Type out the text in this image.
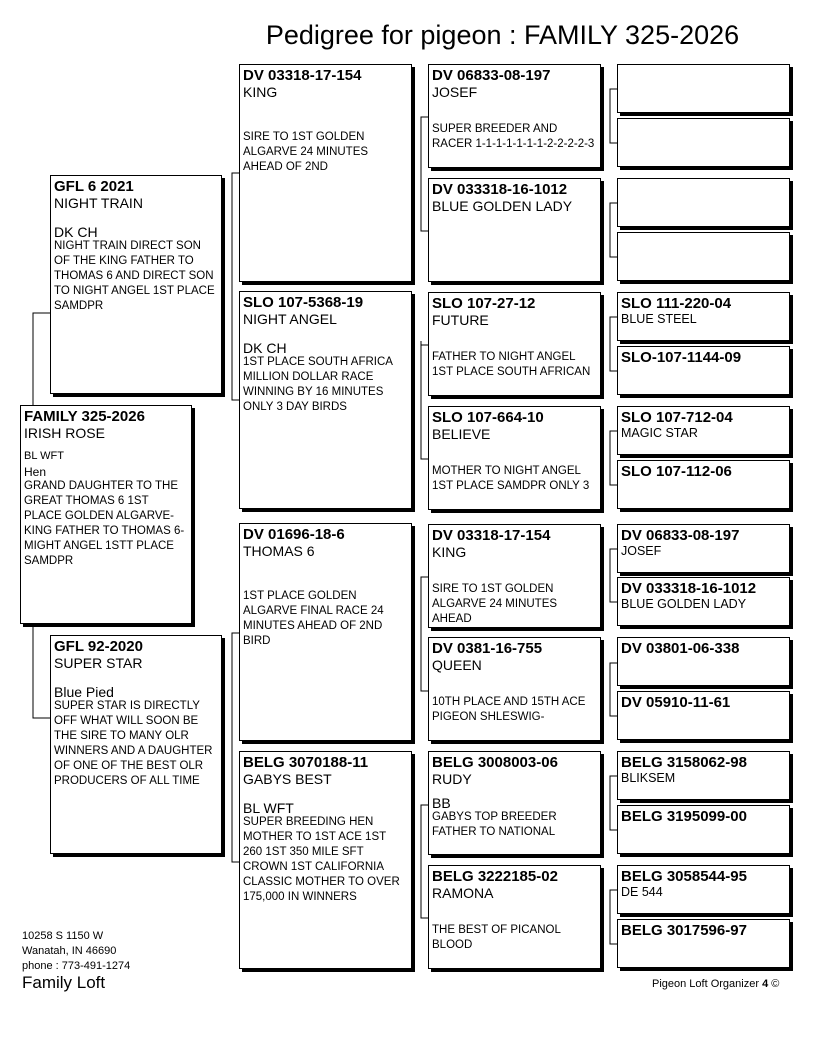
Pedigree for pigeon : FAMILY 325-2026
FAMILY 325-2026
IRISH ROSE
BL WFT
Hen
GRAND DAUGHTER TO THE GREAT THOMAS 6 1ST PLACE GOLDEN ALGARVE- KING FATHER TO THOMAS 6- MIGHT ANGEL 1STT PLACE SAMDPR
GFL 6 2021
NIGHT TRAIN
DK CH
NIGHT TRAIN DIRECT SON OF THE KING FATHER TO THOMAS 6 AND DIRECT SON TO NIGHT ANGEL 1ST PLACE SAMDPR
GFL 92-2020
SUPER STAR
Blue Pied
SUPER STAR IS DIRECTLY OFF WHAT WILL SOON BE THE SIRE TO MANY OLR WINNERS AND A DAUGHTER OF ONE OF THE BEST OLR PRODUCERS OF ALL TIME
DV 03318-17-154
KING
SIRE TO 1ST GOLDEN ALGARVE 24 MINUTES AHEAD OF 2ND
SLO 107-5368-19
NIGHT ANGEL
DK CH
1ST PLACE SOUTH AFRICA MILLION DOLLAR RACE WINNING BY 16 MINUTES ONLY 3 DAY BIRDS
DV 01696-18-6
THOMAS 6
1ST PLACE GOLDEN ALGARVE FINAL RACE 24 MINUTES AHEAD OF 2ND BIRD
BELG 3070188-11
GABYS BEST
BL WFT
SUPER BREEDING HEN MOTHER TO 1ST ACE 1ST 260 1ST 350 MILE SFT CROWN 1ST CALIFORNIA CLASSIC MOTHER TO OVER 175,000 IN WINNERS
DV 06833-08-197
JOSEF
SUPER BREEDER AND RACER 1-1-1-1-1-1-1-2-2-2-2-3
DV 033318-16-1012
BLUE GOLDEN LADY
SLO 107-27-12
FUTURE
FATHER TO NIGHT ANGEL 1ST PLACE SOUTH AFRICAN
SLO 107-664-10
BELIEVE
MOTHER TO NIGHT ANGEL 1ST PLACE SAMDPR ONLY 3
DV 03318-17-154
KING
SIRE TO 1ST GOLDEN ALGARVE 24 MINUTES AHEAD
DV 0381-16-755
QUEEN
10TH PLACE AND 15TH ACE PIGEON SHLESWIG-
BELG 3008003-06
RUDY
BB
GABYS TOP BREEDER FATHER TO NATIONAL
BELG 3222185-02
RAMONA
THE BEST OF PICANOL BLOOD
SLO 111-220-04
BLUE STEEL
SLO-107-1144-09
SLO 107-712-04
MAGIC STAR
SLO 107-112-06
DV 06833-08-197
JOSEF
DV 033318-16-1012
BLUE GOLDEN LADY
DV 03801-06-338
DV 05910-11-61
BELG 3158062-98
BLIKSEM
BELG 3195099-00
BELG 3058544-95
DE 544
BELG 3017596-97
10258 S 1150 W
Wanatah, IN 46690
phone : 773-491-1274
Family Loft	Pigeon Loft Organizer 4 ©
